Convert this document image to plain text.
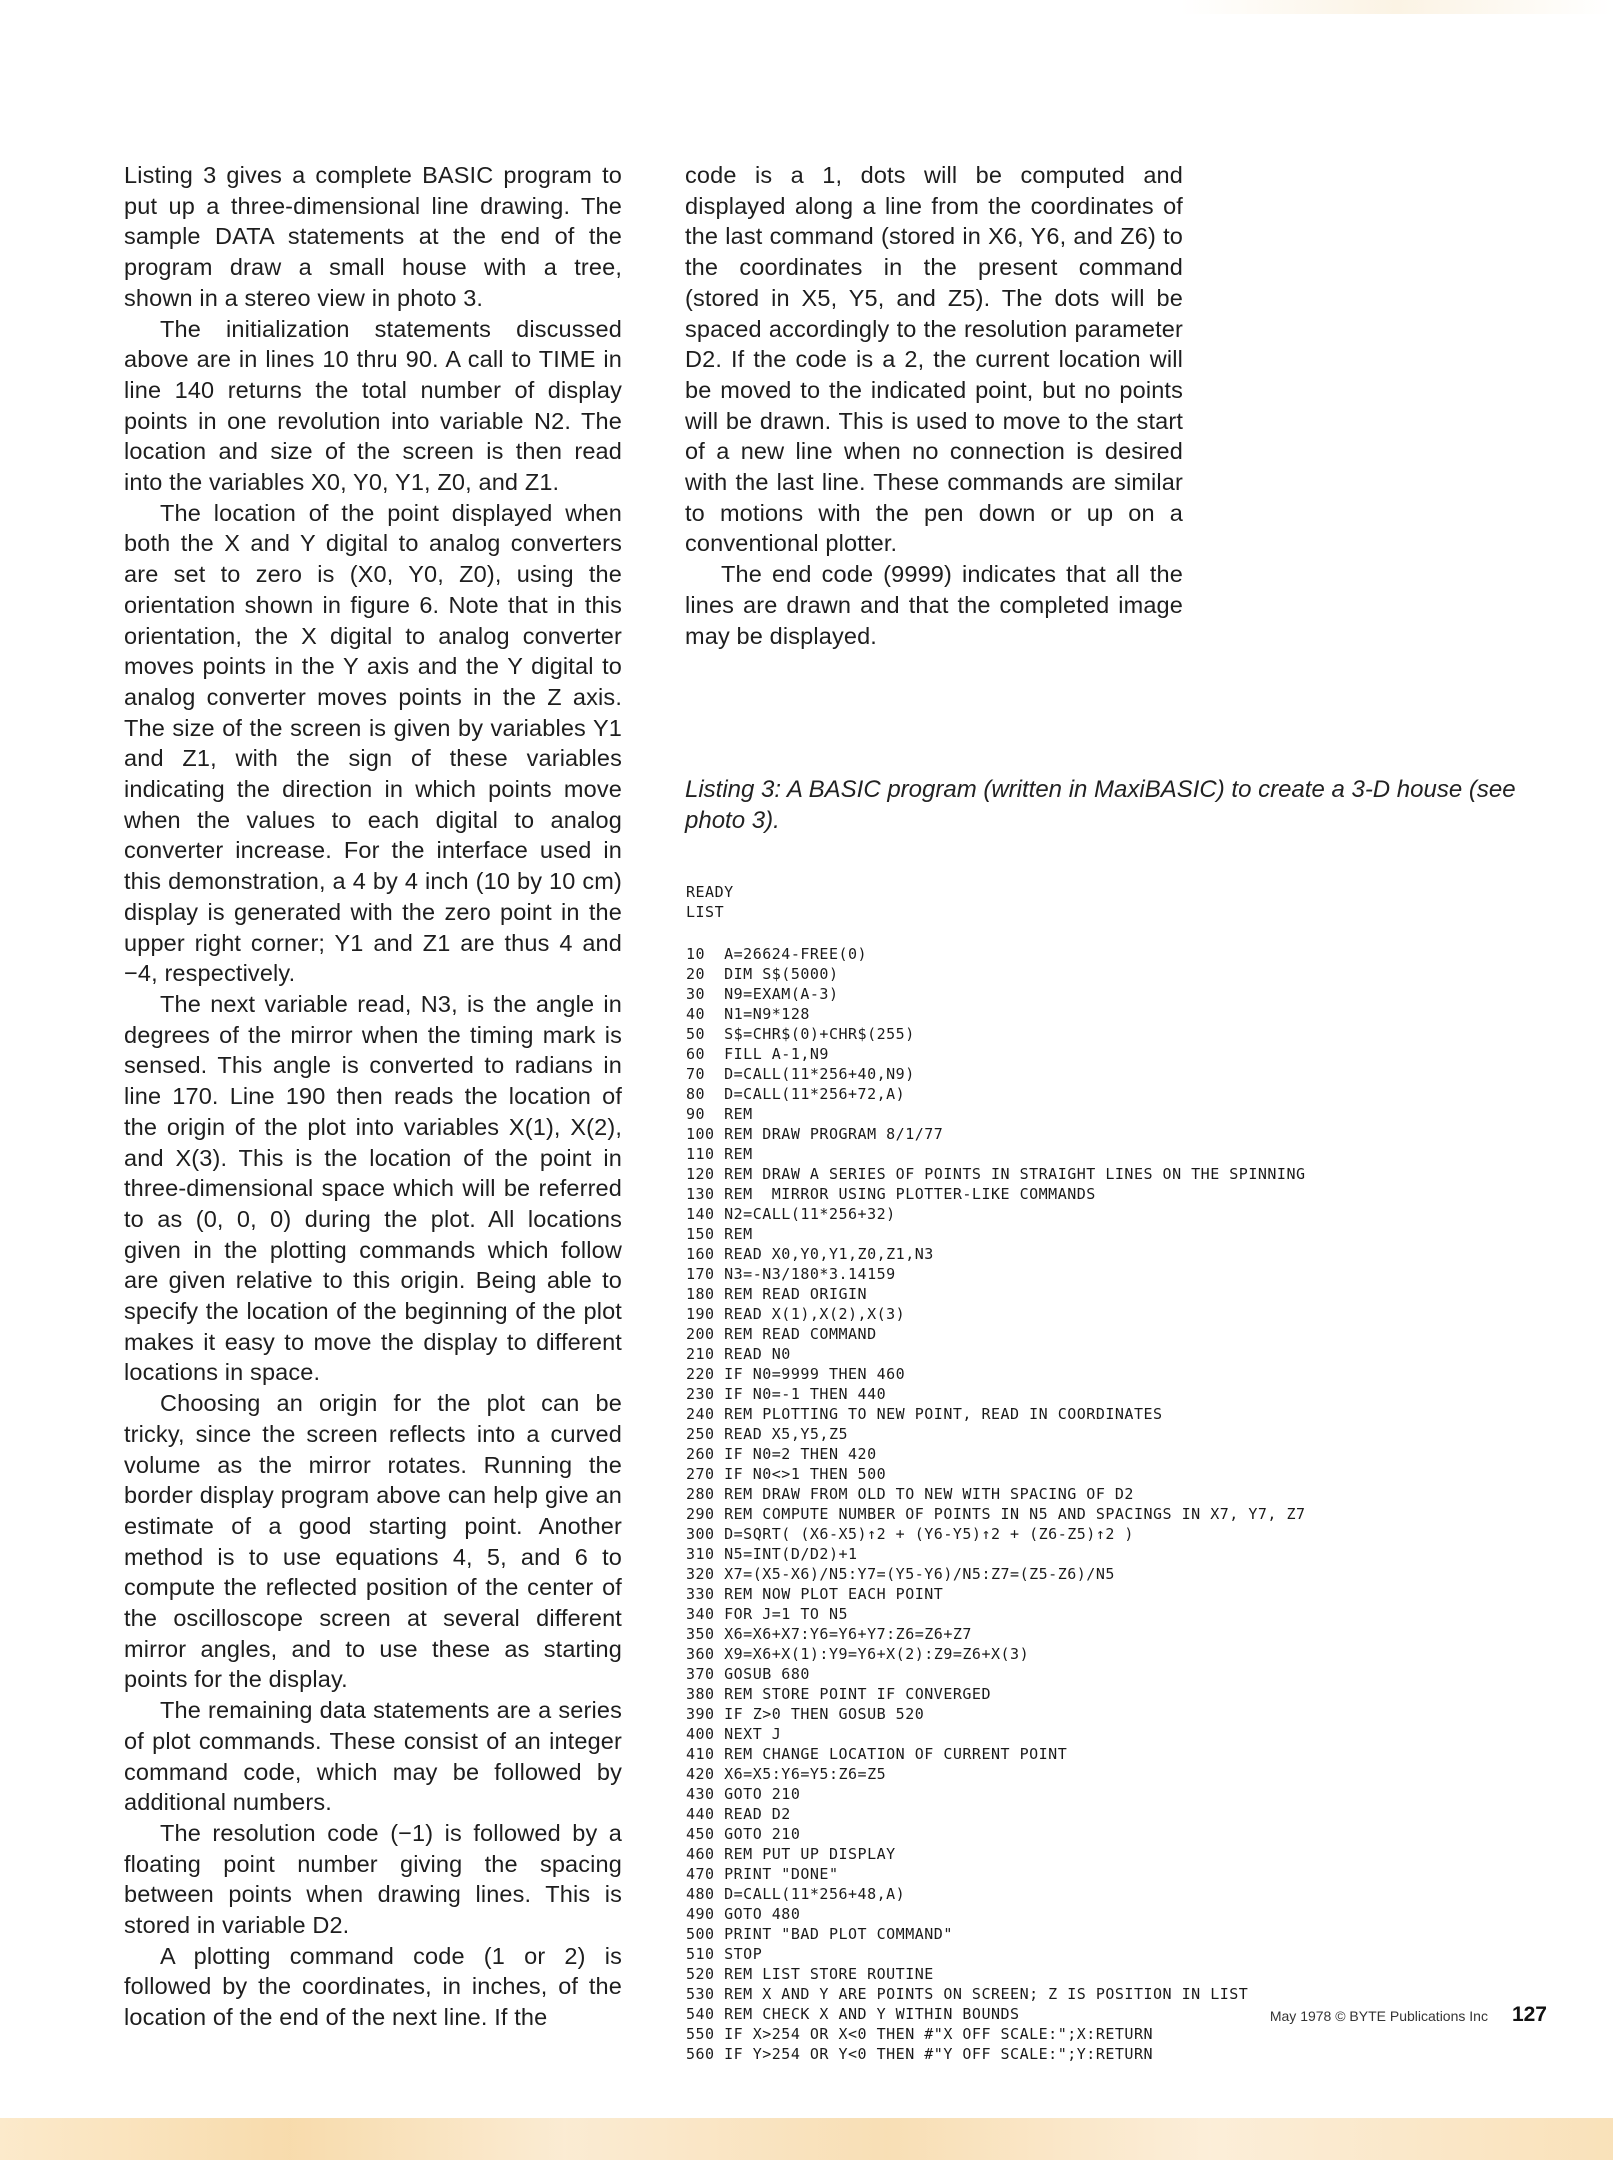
Listing 3 gives a complete BASIC program to put up a three-dimensional line drawing. The sample DATA statements at the end of the program draw a small house with a tree, shown in a stereo view in photo 3.

The initialization statements discussed above are in lines 10 thru 90. A call to TIME in line 140 returns the total number of display points in one revolution into variable N2. The location and size of the screen is then read into the variables X0, Y0, Y1, Z0, and Z1.

The location of the point displayed when both the X and Y digital to analog converters are set to zero is (X0, Y0, Z0), using the orientation shown in figure 6. Note that in this orientation, the X digital to analog converter moves points in the Y axis and the Y digital to analog converter moves points in the Z axis. The size of the screen is given by variables Y1 and Z1, with the sign of these variables indicating the direction in which points move when the values to each digital to analog converter increase. For the interface used in this demonstration, a 4 by 4 inch (10 by 10 cm) display is generated with the zero point in the upper right corner; Y1 and Z1 are thus 4 and −4, respectively.

The next variable read, N3, is the angle in degrees of the mirror when the timing mark is sensed. This angle is converted to radians in line 170. Line 190 then reads the location of the origin of the plot into variables X(1), X(2), and X(3). This is the location of the point in three-dimensional space which will be referred to as (0, 0, 0) during the plot. All locations given in the plotting commands which follow are given relative to this origin. Being able to specify the location of the beginning of the plot makes it easy to move the display to different locations in space.

Choosing an origin for the plot can be tricky, since the screen reflects into a curved volume as the mirror rotates. Running the border display program above can help give an estimate of a good starting point. Another method is to use equations 4, 5, and 6 to compute the reflected position of the center of the oscilloscope screen at several different mirror angles, and to use these as starting points for the display.

The remaining data statements are a series of plot commands. These consist of an integer command code, which may be followed by additional numbers.

The resolution code (−1) is followed by a floating point number giving the spacing between points when drawing lines. This is stored in variable D2.

A plotting command code (1 or 2) is followed by the coordinates, in inches, of the location of the end of the next line. If the

code is a 1, dots will be computed and displayed along a line from the coordinates of the last command (stored in X6, Y6, and Z6) to the coordinates in the present command (stored in X5, Y5, and Z5). The dots will be spaced accordingly to the resolution parameter D2. If the code is a 2, the current location will be moved to the indicated point, but no points will be drawn. This is used to move to the start of a new line when no connection is desired with the last line. These commands are similar to motions with the pen down or up on a conventional plotter.

The end code (9999) indicates that all the lines are drawn and that the completed image may be displayed.

Listing 3: A BASIC program (written in MaxiBASIC) to create a 3-D house (see photo 3).
READY
LIST
10  A=26624-FREE(0)
20  DIM S$(5000)
30  N9=EXAM(A-3)
40  N1=N9*128
50  S$=CHR$(0)+CHR$(255)
60  FILL A-1,N9
70  D=CALL(11*256+40,N9)
80  D=CALL(11*256+72,A)
90  REM
100 REM DRAW PROGRAM 8/1/77
110 REM
120 REM DRAW A SERIES OF POINTS IN STRAIGHT LINES ON THE SPINNING
130 REM  MIRROR USING PLOTTER-LIKE COMMANDS
140 N2=CALL(11*256+32)
150 REM
160 READ X0,Y0,Y1,Z0,Z1,N3
170 N3=-N3/180*3.14159
180 REM READ ORIGIN
190 READ X(1),X(2),X(3)
200 REM READ COMMAND
210 READ N0
220 IF N0=9999 THEN 460
230 IF N0=-1 THEN 440
240 REM PLOTTING TO NEW POINT, READ IN COORDINATES
250 READ X5,Y5,Z5
260 IF N0=2 THEN 420
270 IF N0<>1 THEN 500
280 REM DRAW FROM OLD TO NEW WITH SPACING OF D2
290 REM COMPUTE NUMBER OF POINTS IN N5 AND SPACINGS IN X7, Y7, Z7
300 D=SQRT( (X6-X5)↑2 + (Y6-Y5)↑2 + (Z6-Z5)↑2 )
310 N5=INT(D/D2)+1
320 X7=(X5-X6)/N5:Y7=(Y5-Y6)/N5:Z7=(Z5-Z6)/N5
330 REM NOW PLOT EACH POINT
340 FOR J=1 TO N5
350 X6=X6+X7:Y6=Y6+Y7:Z6=Z6+Z7
360 X9=X6+X(1):Y9=Y6+X(2):Z9=Z6+X(3)
370 GOSUB 680
380 REM STORE POINT IF CONVERGED
390 IF Z>0 THEN GOSUB 520
400 NEXT J
410 REM CHANGE LOCATION OF CURRENT POINT
420 X6=X5:Y6=Y5:Z6=Z5
430 GOTO 210
440 READ D2
450 GOTO 210
460 REM PUT UP DISPLAY
470 PRINT "DONE"
480 D=CALL(11*256+48,A)
490 GOTO 480
500 PRINT "BAD PLOT COMMAND"
510 STOP
520 REM LIST STORE ROUTINE
530 REM X AND Y ARE POINTS ON SCREEN; Z IS POSITION IN LIST
540 REM CHECK X AND Y WITHIN BOUNDS
550 IF X>254 OR X<0 THEN #"X OFF SCALE:";X:RETURN
560 IF Y>254 OR Y<0 THEN #"Y OFF SCALE:";Y:RETURN
May 1978 © BYTE Publications Inc 127
